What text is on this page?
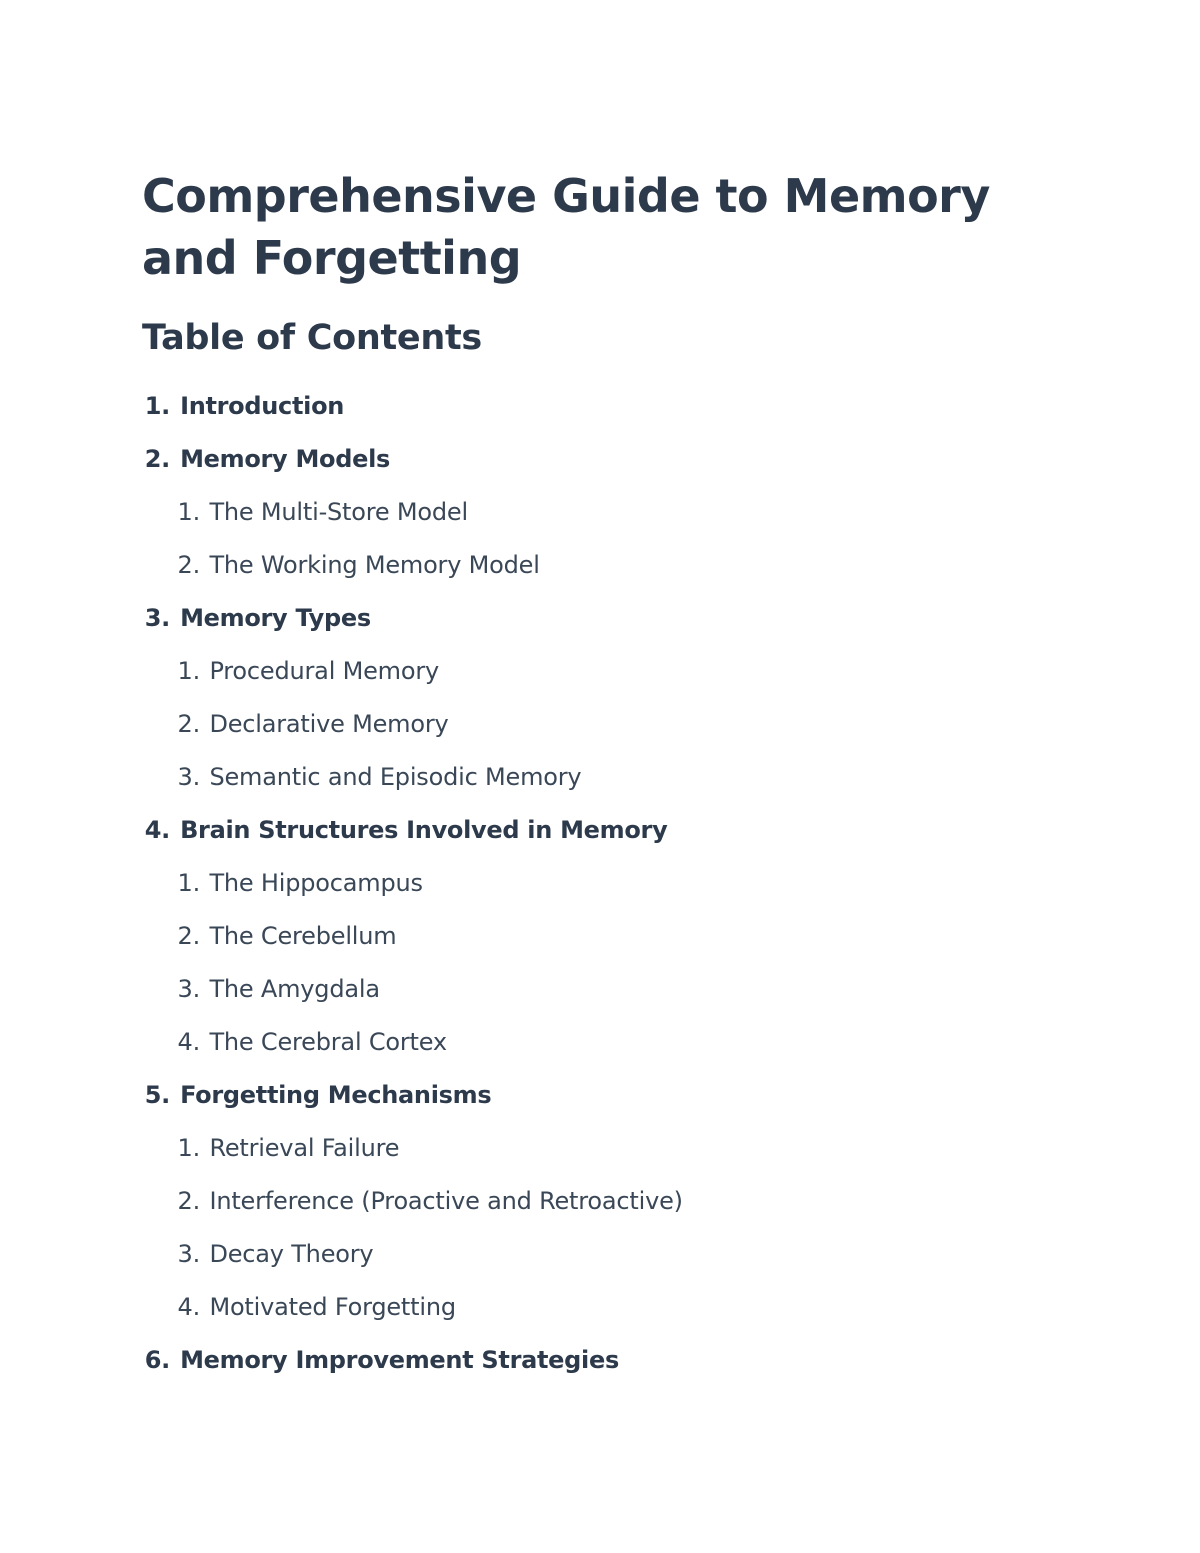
Comprehensive Guide to Memory and Forgetting
Table of Contents
1. Introduction
2. Memory Models
1. The Multi-Store Model
2. The Working Memory Model
3. Memory Types
1. Procedural Memory
2. Declarative Memory
3. Semantic and Episodic Memory
4. Brain Structures Involved in Memory
1. The Hippocampus
2. The Cerebellum
3. The Amygdala
4. The Cerebral Cortex
5. Forgetting Mechanisms
1. Retrieval Failure
2. Interference (Proactive and Retroactive)
3. Decay Theory
4. Motivated Forgetting
6. Memory Improvement Strategies
